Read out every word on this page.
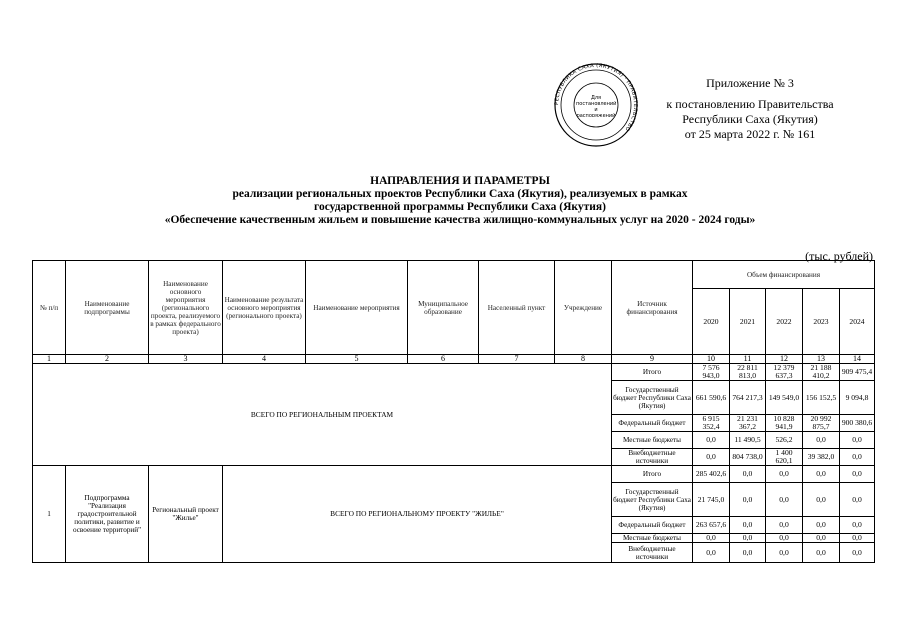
РЕСПУБЛИКА САХА (ЯКУТИЯ) · ПРАВИТЕЛЬСТВО
Для постановлений и распоряжений
Приложение № 3
к постановлению Правительства
Республики Саха (Якутия)
от 25 марта 2022 г. № 161
НАПРАВЛЕНИЯ И ПАРАМЕТРЫ
реализации региональных проектов Республики Саха (Якутия), реализуемых в рамках
государственной программы Республики Саха (Якутия)
«Обеспечение качественным жильем и повышение качества жилищно-коммунальных услуг на 2020 - 2024 годы»
(тыс. рублей)
№ п/п	Наименование подпрограммы	Наименование основного мероприятия (регионального проекта, реализуемого в рамках федерального проекта)	Наименование результата основного мероприятия (регионального проекта)	Наименование мероприятия	Муниципальное образование	Населенный пункт	Учреждение	Источник финансирования	Объем финансирования				
									2020	2021	2022	2023	2024
1	2	3	4	5	6	7	8	9	10	11	12	13	14
ВСЕГО ПО РЕГИОНАЛЬНЫМ ПРОЕКТАМ								Итого	7 576 943,0	22 811 813,0	12 379 637,3	21 188 410,2	909 475,4
								Государственный бюджет Республики Саха (Якутия)	661 590,6	764 217,3	149 549,0	156 152,5	9 094,8
								Федеральный бюджет	6 915 352,4	21 231 367,2	10 828 941,9	20 992 875,7	900 380,6
								Местные бюджеты	0,0	11 490,5	526,2	0,0	0,0
								Внебюджетные источники	0,0	804 738,0	1 400 620,1	39 382,0	0,0
1	Подпрограмма "Реализация градостроительной политики, развитие и освоение территорий"	Региональный проект "Жилье"	ВСЕГО ПО РЕГИОНАЛЬНОМУ ПРОЕКТУ "ЖИЛЬЕ"					Итого	285 402,6	0,0	0,0	0,0	0,0
								Государственный бюджет Республики Саха (Якутия)	21 745,0	0,0	0,0	0,0	0,0
								Федеральный бюджет	263 657,6	0,0	0,0	0,0	0,0
								Местные бюджеты	0,0	0,0	0,0	0,0	0,0
								Внебюджетные источники	0,0	0,0	0,0	0,0	0,0
